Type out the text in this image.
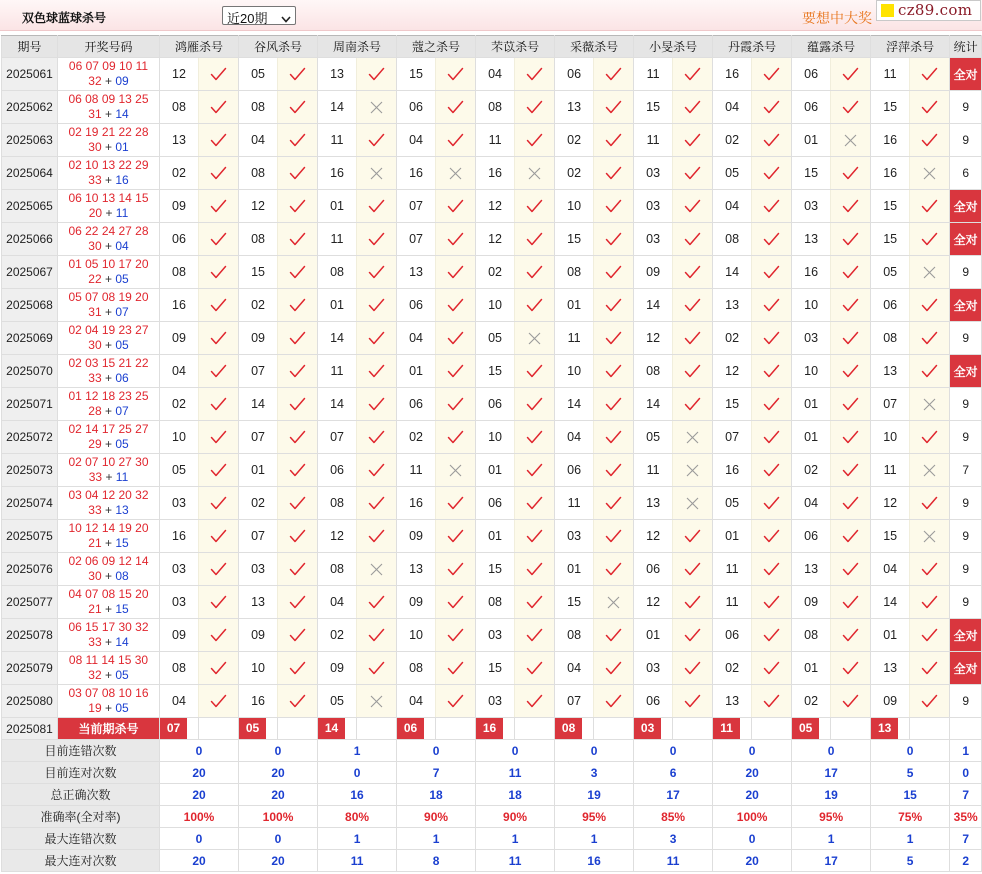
双色球蓝球杀号	近20期	要想中大奖 cz89.com
期号	开奖号码	鸿雁杀号		谷风杀号		周南杀号		蔻之杀号		芣苡杀号		采薇杀号		小旻杀号		丹霞杀号		蕴露杀号		浮萍杀号		统计
2025061	06 07 09 10 11
32 + 09	12		05		13		15		04		06		11		16		06		11		全对
2025062	06 08 09 13 25
31 + 14	08		08		14		06		08		13		15		04		06		15		9
2025063	02 19 21 22 28
30 + 01	13		04		11		04		11		02		11		02		01		16		9
2025064	02 10 13 22 29
33 + 16	02		08		16		16		16		02		03		05		15		16		6
2025065	06 10 13 14 15
20 + 11	09		12		01		07		12		10		03		04		03		15		全对
2025066	06 22 24 27 28
30 + 04	06		08		11		07		12		15		03		08		13		15		全对
2025067	01 05 10 17 20
22 + 05	08		15		08		13		02		08		09		14		16		05		9
2025068	05 07 08 19 20
31 + 07	16		02		01		06		10		01		14		13		10		06		全对
2025069	02 04 19 23 27
30 + 05	09		09		14		04		05		11		12		02		03		08		9
2025070	02 03 15 21 22
33 + 06	04		07		11		01		15		10		08		12		10		13		全对
2025071	01 12 18 23 25
28 + 07	02		14		14		06		06		14		14		15		01		07		9
2025072	02 14 17 25 27
29 + 05	10		07		07		02		10		04		05		07		01		10		9
2025073	02 07 10 27 30
33 + 11	05		01		06		11		01		06		11		16		02		11		7
2025074	03 04 12 20 32
33 + 13	03		02		08		16		06		11		13		05		04		12		9
2025075	10 12 14 19 20
21 + 15	16		07		12		09		01		03		12		01		06		15		9
2025076	02 06 09 12 14
30 + 08	03		03		08		13		15		01		06		11		13		04		9
2025077	04 07 08 15 20
21 + 15	03		13		04		09		08		15		12		11		09		14		9
2025078	06 15 17 30 32
33 + 14	09		09		02		10		03		08		01		06		08		01		全对
2025079	08 11 14 15 30
32 + 05	08		10		09		08		15		04		03		02		01		13		全对
2025080	03 07 08 10 16
19 + 05	04		16		05		04		03		07		06		13		02		09		9
2025081	当前期杀号	07		05		14		06		16		08		03		11		05		13		

目前连错次数		0		0		1		0		0		0		0		0		0		0		1
目前连对次数		20		20		0		7		11		3		6		20		17		5		0
总正确次数		20		20		16		18		18		19		17		20		19		15		7
准确率(全对率)		100%		100%		80%		90%		90%		95%		85%		100%		95%		75%		35%
最大连错次数		0		0		1		1		1		1		3		0		1		1		7
最大连对次数		20		20		11		8		11		16		11		20		17		5		2
